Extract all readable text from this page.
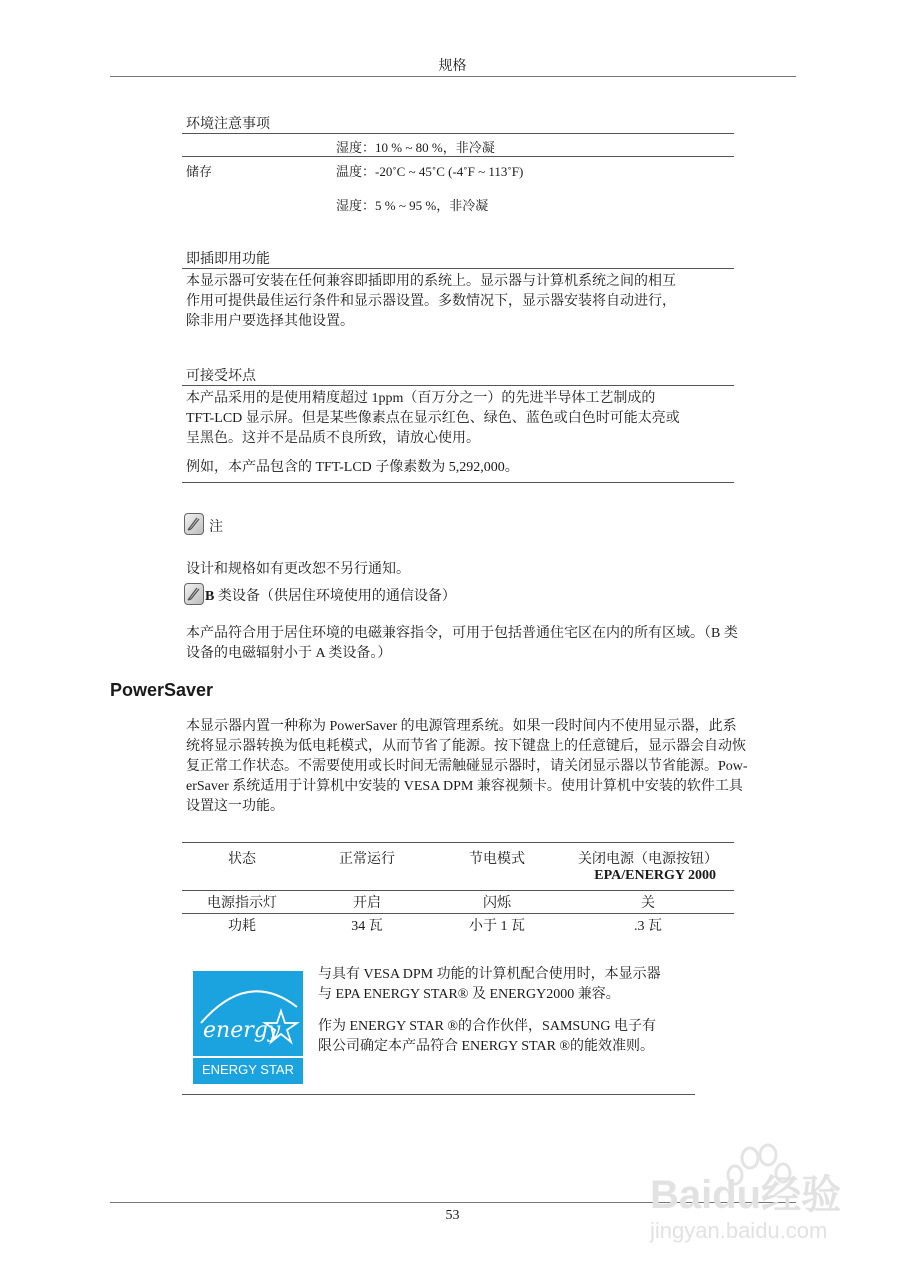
规格
环境注意事项
湿度：10 % ~ 80 %，非冷凝
储存	温度：-20˚C ~ 45˚C (-4˚F ~ 113˚F)
湿度：5 % ~ 95 %，非冷凝
即插即用功能
本显示器可安装在任何兼容即插即用的系统上。显示器与计算机系统之间的相互
作用可提供最佳运行条件和显示器设置。多数情况下，显示器安装将自动进行，
除非用户要选择其他设置。
可接受坏点
本产品采用的是使用精度超过 1ppm（百万分之一）的先进半导体工艺制成的
TFT-LCD 显示屏。但是某些像素点在显示红色、绿色、蓝色或白色时可能太亮或
呈黑色。这并不是品质不良所致，请放心使用。
例如，本产品包含的 TFT-LCD 子像素数为 5,292,000。
注
设计和规格如有更改恕不另行通知。
B 类设备（供居住环境使用的通信设备）
本产品符合用于居住环境的电磁兼容指令，可用于包括普通住宅区在内的所有区域。（B 类
设备的电磁辐射小于 A 类设备。）
PowerSaver
本显示器内置一种称为 PowerSaver 的电源管理系统。如果一段时间内不使用显示器，此系
统将显示器转换为低电耗模式，从而节省了能源。按下键盘上的任意键后，显示器会自动恢
复正常工作状态。不需要使用或长时间无需触碰显示器时，请关闭显示器以节省能源。Pow-
erSaver 系统适用于计算机中安装的 VESA DPM 兼容视频卡。使用计算机中安装的软件工具
设置这一功能。
状态	正常运行	节电模式	关闭电源（电源按钮）
EPA/ENERGY 2000

电源指示灯	开启	闪烁	关
功耗	34 瓦	小于 1 瓦	.3 瓦
energy
ENERGY STAR

与具有 VESA DPM 功能的计算机配合使用时，本显示器
与 EPA ENERGY STAR® 及 ENERGY2000 兼容。

作为 ENERGY STAR ®的合作伙伴，SAMSUNG 电子有
限公司确定本产品符合 ENERGY STAR ®的能效准则。

53	Baidu经验
jingyan.baidu.com
